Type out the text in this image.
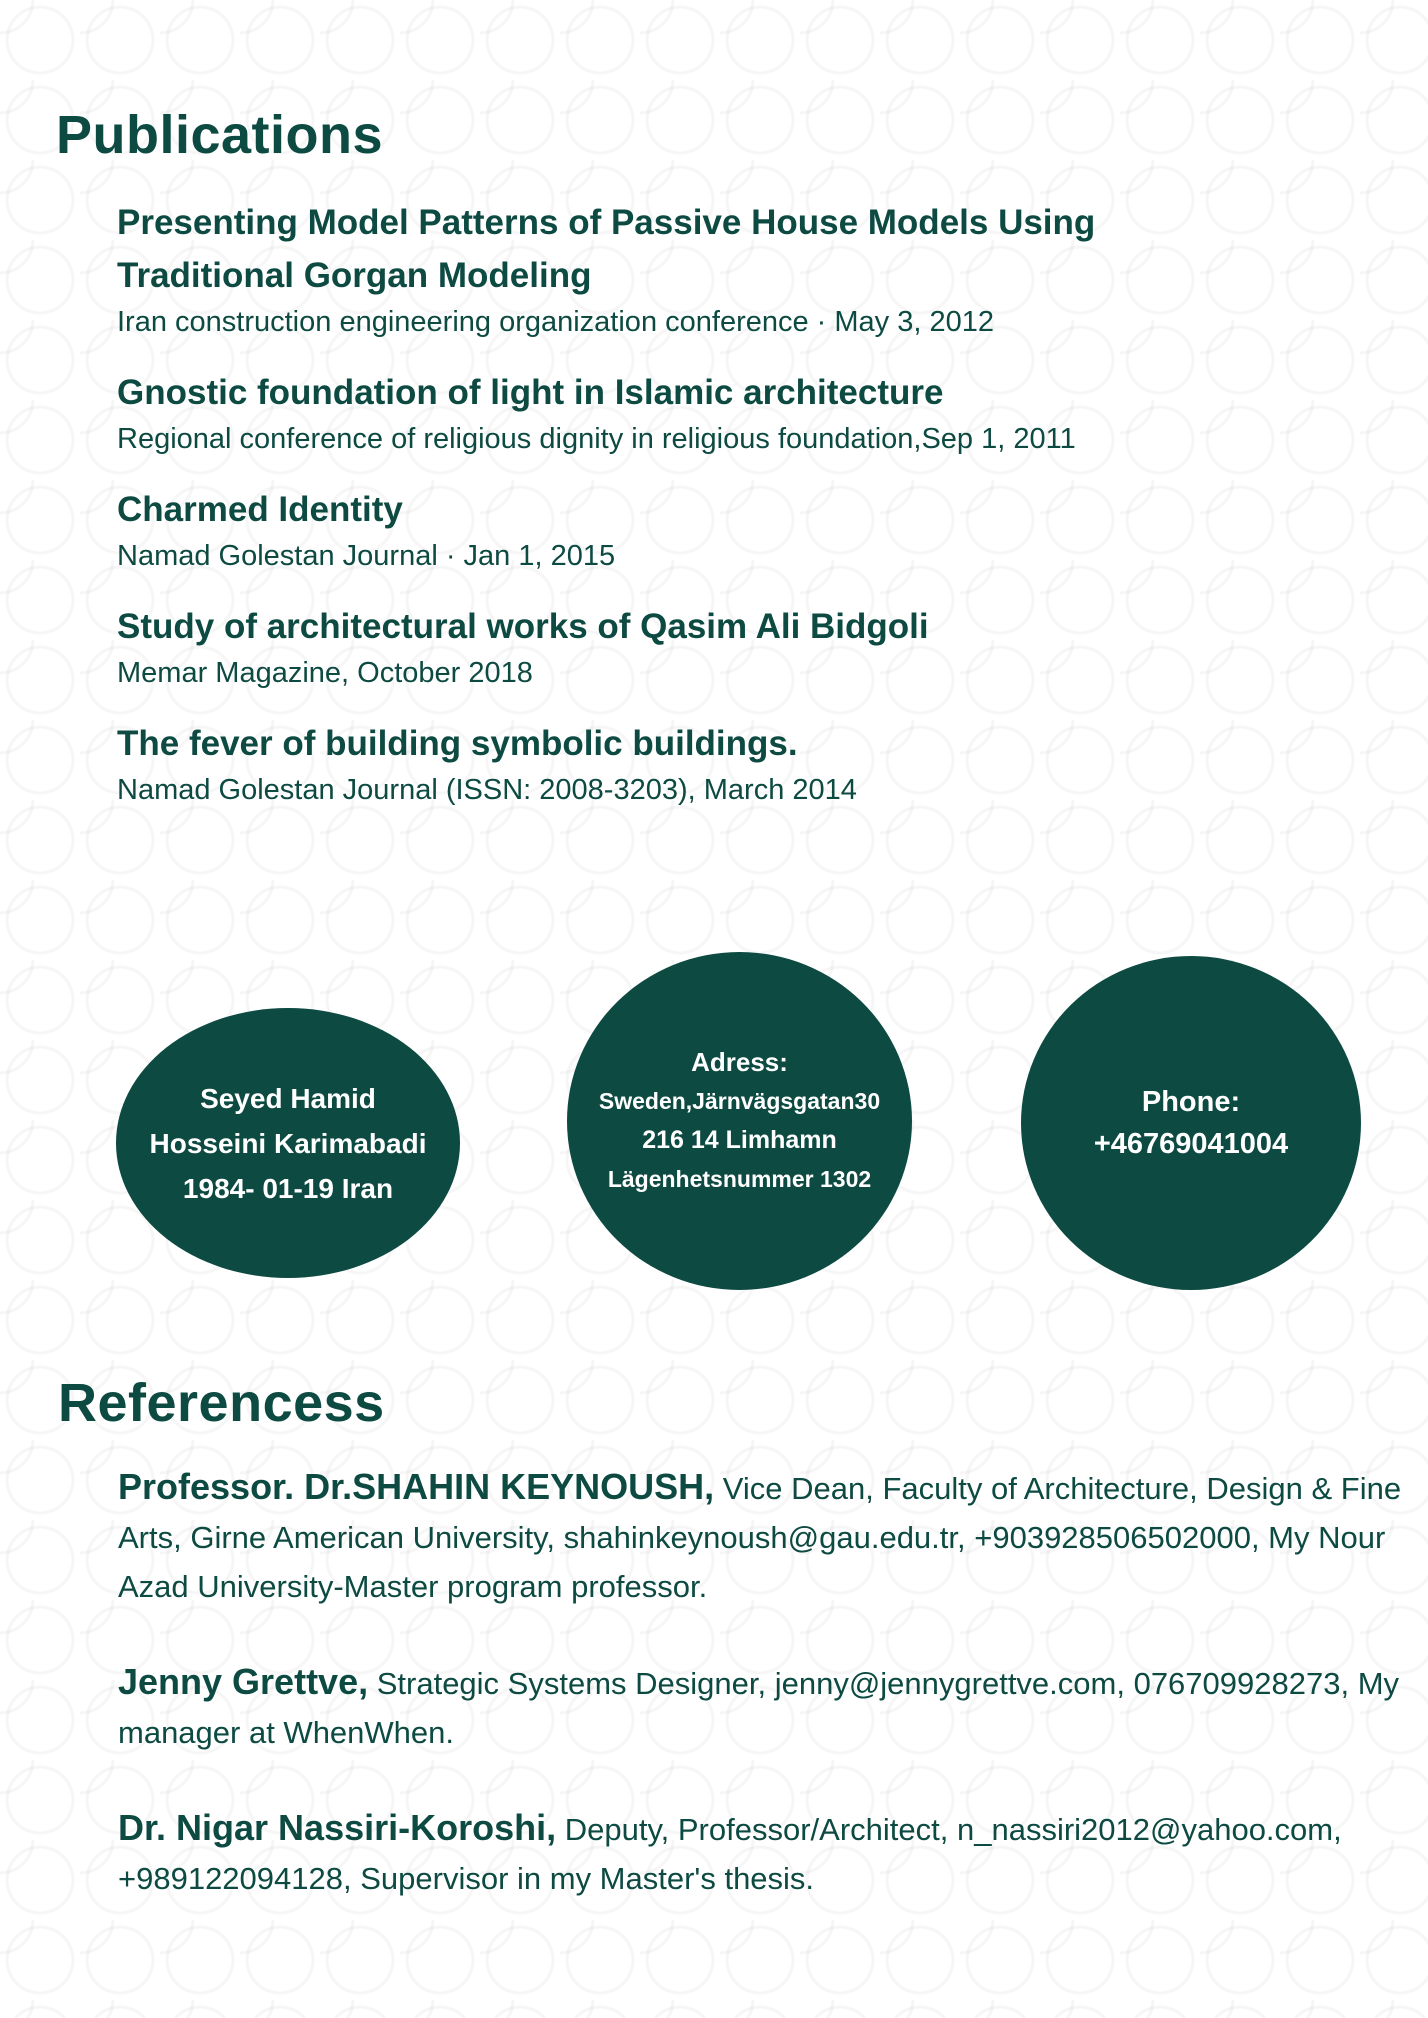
Publications

Presenting Model Patterns of Passive House Models Using Traditional Gorgan Modeling

Iran construction engineering organization conference · May 3, 2012

Gnostic foundation of light in Islamic architecture

Regional conference of religious dignity in religious foundation,Sep 1, 2011

Charmed Identity

Namad Golestan Journal · Jan 1, 2015

Study of architectural works of Qasim Ali Bidgoli

Memar Magazine, October 2018

The fever of building symbolic buildings.

Namad Golestan Journal (ISSN: 2008-3203), March 2014

Seyed Hamid
Hosseini Karimabadi
1984- 01-19 Iran
Adress:
Sweden,Järnvägsgatan30
216 14 Limhamn
Lägenhetsnummer 1302
Phone:
+46769041004
Referencess

Professor. Dr.SHAHIN KEYNOUSH, Vice Dean, Faculty of Architecture, Design & Fine Arts, Girne American University, shahinkeynoush@gau.edu.tr, +903928506502000, My Nour Azad University-Master program professor.

Jenny Grettve, Strategic Systems Designer, jenny@jennygrettve.com, 076709928273, My manager at WhenWhen.

Dr. Nigar Nassiri-Koroshi, Deputy, Professor/Architect, n_nassiri2012@yahoo.com, +989122094128, Supervisor in my Master's thesis.
